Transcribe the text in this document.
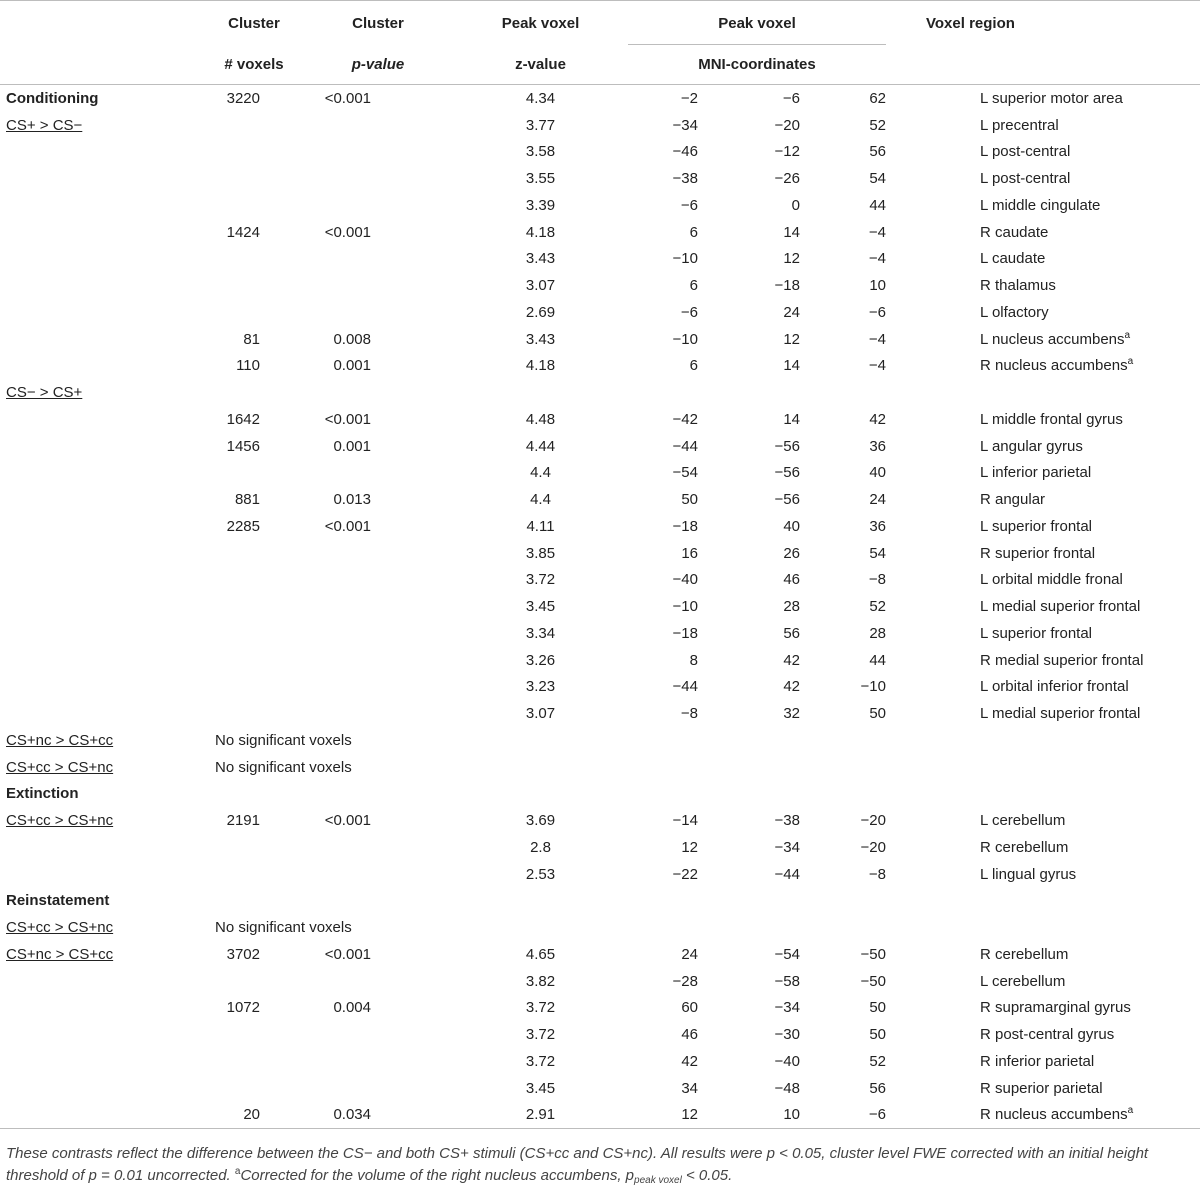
	Cluster	Cluster	Peak voxel	Peak voxel			Voxel region
	# voxels	p-value	z-value	MNI-coordinates			
Conditioning	3220	<0.001	4.34	−2	−6	62	L superior motor area
CS+ > CS−			3.77	−34	−20	52	L precentral
			3.58	−46	−12	56	L post-central
			3.55	−38	−26	54	L post-central
			3.39	−6	0	44	L middle cingulate
	1424	<0.001	4.18	6	14	−4	R caudate
			3.43	−10	12	−4	L caudate
			3.07	6	−18	10	R thalamus
			2.69	−6	24	−6	L olfactory
	81	0.008	3.43	−10	12	−4	L nucleus accumbens$^a$
	110	0.001	4.18	6	14	−4	R nucleus accumbens$^a$
CS− > CS+							
	1642	<0.001	4.48	−42	14	42	L middle frontal gyrus
	1456	0.001	4.44	−44	−56	36	L angular gyrus
			4.4	−54	−56	40	L inferior parietal
	881	0.013	4.4	50	−56	24	R angular
	2285	<0.001	4.11	−18	40	36	L superior frontal
			3.85	16	26	54	R superior frontal
			3.72	−40	46	−8	L orbital middle fronal
			3.45	−10	28	52	L medial superior frontal
			3.34	−18	56	28	L superior frontal
			3.26	8	42	44	R medial superior frontal
			3.23	−44	42	−10	L orbital inferior frontal
			3.07	−8	32	50	L medial superior frontal
CS+nc > CS+cc	No significant voxels						
CS+cc > CS+nc	No significant voxels						
Extinction							
CS+cc > CS+nc	2191	<0.001	3.69	−14	−38	−20	L cerebellum
			2.8	12	−34	−20	R cerebellum
			2.53	−22	−44	−8	L lingual gyrus
Reinstatement							
CS+cc > CS+nc	No significant voxels						
CS+nc > CS+cc	3702	<0.001	4.65	24	−54	−50	R cerebellum
			3.82	−28	−58	−50	L cerebellum
	1072	0.004	3.72	60	−34	50	R supramarginal gyrus
			3.72	46	−30	50	R post-central gyrus
			3.72	42	−40	52	R inferior parietal
			3.45	34	−48	56	R superior parietal
	20	0.034	2.91	12	10	−6	R nucleus accumbens$^a$
These contrasts reflect the difference between the CS− and both CS+ stimuli (CS+cc and CS+nc). All results were p < 0.05, cluster level FWE corrected with an initial height threshold of p = 0.01 uncorrected. $^a$Corrected for the volume of the right nucleus accumbens, $p_{peak voxel} < 0.05$.
